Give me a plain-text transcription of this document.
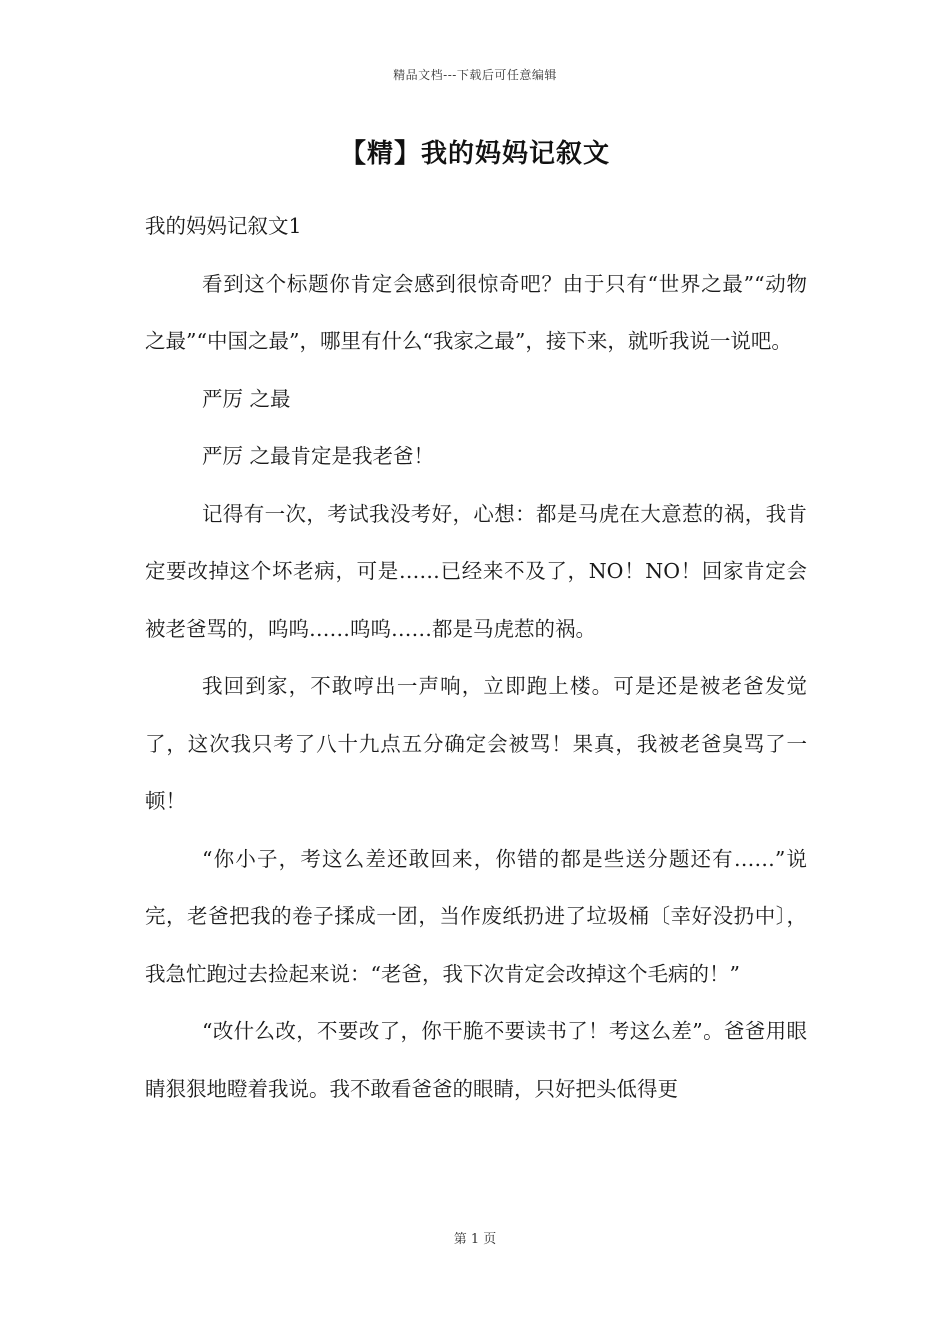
精品文档---下载后可任意编辑
【精】我的妈妈记叙文

我的妈妈记叙文1

看到这个标题你肯定会感到很惊奇吧？由于只有“世界之最”“动物之最”“中国之最”，哪里有什么“我家之最”，接下来，就听我说一说吧。

严厉 之最

严厉 之最肯定是我老爸！

记得有一次，考试我没考好，心想：都是马虎在大意惹的祸，我肯定要改掉这个坏老病，可是……已经来不及了，NO！NO！回家肯定会被老爸骂的，呜呜……呜呜……都是马虎惹的祸。

我回到家，不敢哼出一声响，立即跑上楼。可是还是被老爸发觉了，这次我只考了八十九点五分确定会被骂！果真，我被老爸臭骂了一顿！

“你小子，考这么差还敢回来，你错的都是些送分题还有……”说完，老爸把我的卷子揉成一团，当作废纸扔进了垃圾桶〔幸好没扔中〕，我急忙跑过去捡起来说：“老爸，我下次肯定会改掉这个毛病的！”

“改什么改，不要改了，你干脆不要读书了！考这么差”。爸爸用眼睛狠狠地瞪着我说。我不敢看爸爸的眼睛，只好把头低得更

第 1 页
